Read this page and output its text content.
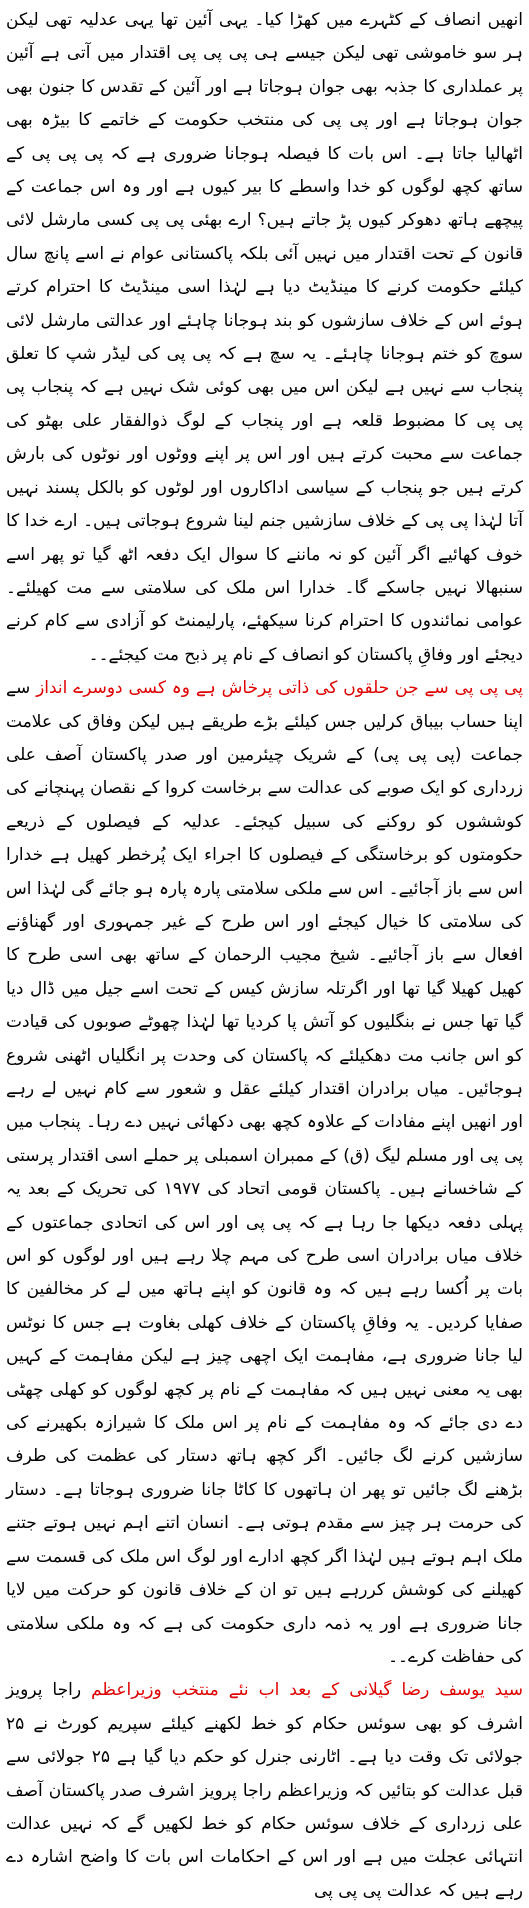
انھیں انصاف کے کٹہرے میں کھڑا کیا۔ یہی آئین تھا یہی عدلیہ تھی لیکن ہر سو خاموشی تھی لیکن جیسے ہی پی پی پی اقتدار میں آتی ہے آئین پر عملداری کا جذبہ بھی جوان ہوجاتا ہے اور آئین کے تقدس کا جنون بھی جوان ہوجاتا ہے اور پی پی کی منتخب حکومت کے خاتمے کا بیڑہ بھی اٹھالیا جاتا ہے۔ اس بات کا فیصلہ ہوجانا ضروری ہے کہ پی پی پی کے ساتھ کچھ لوگوں کو خدا واسطے کا بیر کیوں ہے اور وہ اس جماعت کے پیچھے ہاتھ دھوکر کیوں پڑ جاتے ہیں؟ ارے بھئی پی پی کسی مارشل لائی قانون کے تحت اقتدار میں نہیں آئی بلکہ پاکستانی عوام نے اسے پانچ سال کیلئے حکومت کرنے کا مینڈیٹ دیا ہے لہٰذا اسی مینڈیٹ کا احترام کرتے ہوئے اس کے خلاف سازشوں کو بند ہوجانا چاہئے اور عدالتی مارشل لائی سوچ کو ختم ہوجانا چاہئے۔ یہ سچ ہے کہ پی پی کی لیڈر شپ کا تعلق پنجاب سے نہیں ہے لیکن اس میں بھی کوئی شک نہیں ہے کہ پنجاب پی پی پی کا مضبوط قلعہ ہے اور پنجاب کے لوگ ذوالفقار علی بھٹو کی جماعت سے محبت کرتے ہیں اور اس پر اپنے ووٹوں اور نوٹوں کی بارش کرتے ہیں جو پنجاب کے سیاسی اداکاروں اور لوٹوں کو بالکل پسند نہیں آتا لہٰذا پی پی کے خلاف سازشیں جنم لینا شروع ہوجاتی ہیں۔ ارے خدا کا خوف کھائیے اگر آئین کو نہ ماننے کا سوال ایک دفعہ اٹھ گیا تو پھر اسے سنبھالا نہیں جاسکے گا۔ خدارا اس ملک کی سلامتی سے مت کھیلئے۔ عوامی نمائندوں کا احترام کرنا سیکھئے، پارلیمنٹ کو آزادی سے کام کرنے دیجئے اور وفاقِ پاکستان کو انصاف کے نام پر ذبح مت کیجئے۔۔

پی پی پی سے جن حلقوں کی ذاتی پرخاش ہے وہ کسی دوسرے انداز سے اپنا حساب بیباق کرلیں جس کیلئے بڑے طریقے ہیں لیکن وفاق کی علامت جماعت (پی پی پی) کے شریک چیئرمین اور صدر پاکستان آصف علی زرداری کو ایک صوبے کی عدالت سے برخاست کروا کے نقصان پہنچانے کی کوششوں کو روکنے کی سبیل کیجئے۔ عدلیہ کے فیصلوں کے ذریعے حکومتوں کو برخاستگی کے فیصلوں کا اجراء ایک پُرخطر کھیل ہے خدارا اس سے باز آجائیے۔ اس سے ملکی سلامتی پارہ پارہ ہو جائے گی لہٰذا اس کی سلامتی کا خیال کیجئے اور اس طرح کے غیر جمہوری اور گھناؤنے افعال سے باز آجائیے۔ شیخ مجیب الرحمان کے ساتھ بھی اسی طرح کا کھیل کھیلا گیا تھا اور اگرتلہ سازش کیس کے تحت اسے جیل میں ڈال دیا گیا تھا جس نے بنگلیوں کو آتش پا کردیا تھا لہٰذا چھوٹے صوبوں کی قیادت کو اس جانب مت دھکیلئے کہ پاکستان کی وحدت پر انگلیاں اٹھنی شروع ہوجائیں۔ میاں برادران اقتدار کیلئے عقل و شعور سے کام نہیں لے رہے اور انھیں اپنے مفادات کے علاوہ کچھ بھی دکھائی نہیں دے رہا۔ پنجاب میں پی پی اور مسلم لیگ (ق) کے ممبران اسمبلی پر حملے اسی اقتدار پرستی کے شاخسانے ہیں۔ پاکستان قومی اتحاد کی ۱۹۷۷ کی تحریک کے بعد یہ پہلی دفعہ دیکھا جا رہا ہے کہ پی پی اور اس کی اتحادی جماعتوں کے خلاف میاں برادران اسی طرح کی مہم چلا رہے ہیں اور لوگوں کو اس بات پر اُکسا رہے ہیں کہ وہ قانون کو اپنے ہاتھ میں لے کر مخالفین کا صفایا کردیں۔ یہ وفاقِ پاکستان کے خلاف کھلی بغاوت ہے جس کا نوٹس لیا جانا ضروری ہے، مفاہمت ایک اچھی چیز ہے لیکن مفاہمت کے کہیں بھی یہ معنی نہیں ہیں کہ مفاہمت کے نام پر کچھ لوگوں کو کھلی چھٹی دے دی جائے کہ وہ مفاہمت کے نام پر اس ملک کا شیرازہ بکھیرنے کی سازشیں کرنے لگ جائیں۔ اگر کچھ ہاتھ دستار کی عظمت کی طرف بڑھنے لگ جائیں تو پھر ان ہاتھوں کا کاٹا جانا ضروری ہوجاتا ہے۔ دستار کی حرمت ہر چیز سے مقدم ہوتی ہے۔ انسان اتنے اہم نہیں ہوتے جتنے ملک اہم ہوتے ہیں لہٰذا اگر کچھ ادارے اور لوگ اس ملک کی قسمت سے کھیلنے کی کوشش کررہے ہیں تو ان کے خلاف قانون کو حرکت میں لایا جانا ضروری ہے اور یہ ذمہ داری حکومت کی ہے کہ وہ ملکی سلامتی کی حفاظت کرے۔۔

سید یوسف رضا گیلانی کے بعد اب نئے منتخب وزیراعظم راجا پرویز اشرف کو بھی سوئس حکام کو خط لکھنے کیلئے سپریم کورٹ نے ۲۵ جولائی تک وقت دیا ہے۔ اٹارنی جنرل کو حکم دیا گیا ہے ۲۵ جولائی سے قبل عدالت کو بتائیں کہ وزیراعظم راجا پرویز اشرف صدر پاکستان آصف علی زرداری کے خلاف سوئس حکام کو خط لکھیں گے کہ نہیں عدالت انتہائی عجلت میں ہے اور اس کے احکامات اس بات کا واضح اشارہ دے رہے ہیں کہ عدالت پی پی پی
